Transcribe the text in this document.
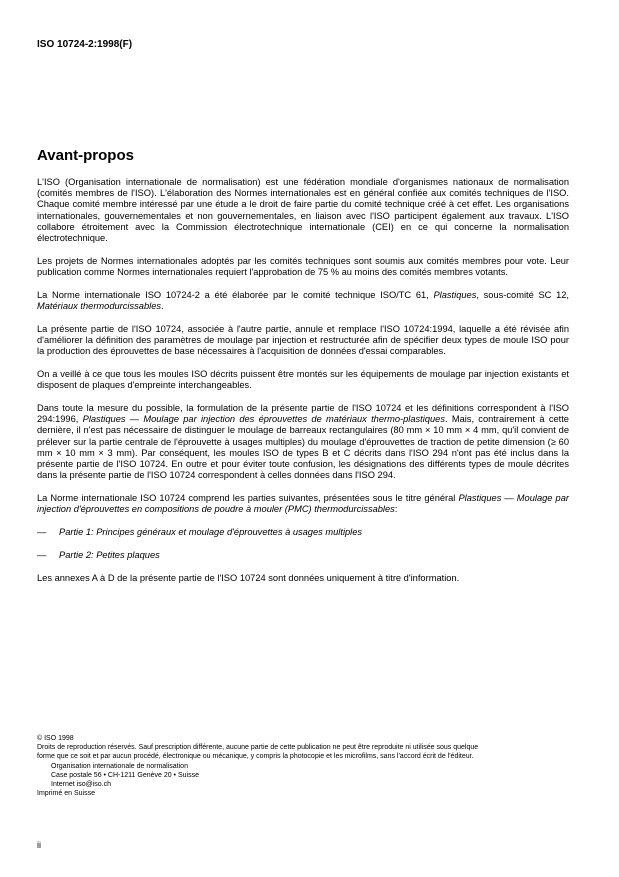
ISO 10724-2:1998(F)
Avant-propos

L'ISO (Organisation internationale de normalisation) est une fédération mondiale d'organismes nationaux de normalisation (comités membres de l'ISO). L'élaboration des Normes internationales est en général confiée aux comités techniques de l'ISO. Chaque comité membre intéressé par une étude a le droit de faire partie du comité technique créé à cet effet. Les organisations internationales, gouvernementales et non gouvernementales, en liaison avec l'ISO participent également aux travaux. L'ISO collabore étroitement avec la Commission électrotechnique internationale (CEI) en ce qui concerne la normalisation électrotechnique.

Les projets de Normes internationales adoptés par les comités techniques sont soumis aux comités membres pour vote. Leur publication comme Normes internationales requiert l'approbation de 75 % au moins des comités membres votants.

La Norme internationale ISO 10724-2 a été élaborée par le comité technique ISO/TC 61, Plastiques, sous-comité SC 12, Matériaux thermodurcissables.

La présente partie de l'ISO 10724, associée à l'autre partie, annule et remplace l'ISO 10724:1994, laquelle a été révisée afin d'améliorer la définition des paramètres de moulage par injection et restructurée afin de spécifier deux types de moule ISO pour la production des éprouvettes de base nécessaires à l'acquisition de données d'essai comparables.

On a veillé à ce que tous les moules ISO décrits puissent être montés sur les équipements de moulage par injection existants et disposent de plaques d'empreinte interchangeables.

Dans toute la mesure du possible, la formulation de la présente partie de l'ISO 10724 et les définitions correspondent à l'ISO 294:1996, Plastiques — Moulage par injection des éprouvettes de matériaux thermo-plastiques. Mais, contrairement à cette dernière, il n'est pas nécessaire de distinguer le moulage de barreaux rectangulaires (80 mm × 10 mm × 4 mm, qu'il convient de prélever sur la partie centrale de l'éprouvette à usages multiples) du moulage d'éprouvettes de traction de petite dimension (≥ 60 mm × 10 mm × 3 mm). Par conséquent, les moules ISO de types B et C décrits dans l'ISO 294 n'ont pas été inclus dans la présente partie de l'ISO 10724. En outre et pour éviter toute confusion, les désignations des différents types de moule décrites dans la présente partie de l'ISO 10724 correspondent à celles données dans l'ISO 294.

La Norme internationale ISO 10724 comprend les parties suivantes, présentées sous le titre général Plastiques — Moulage par injection d'éprouvettes en compositions de poudre à mouler (PMC) thermodurcissables:

— Partie 1: Principes généraux et moulage d'éprouvettes à usages multiples

— Partie 2: Petites plaques

Les annexes A à D de la présente partie de l'ISO 10724 sont données uniquement à titre d'information.

© ISO 1998
Droits de reproduction réservés. Sauf prescription différente, aucune partie de cette publication ne peut être reproduite ni utilisée sous quelque
forme que ce soit et par aucun procédé, électronique ou mécanique, y compris la photocopie et les microfilms, sans l'accord écrit de l'éditeur.
Organisation internationale de normalisation
Case postale 56 • CH-1211 Genève 20 • Suisse
Internet iso@iso.ch
Imprimé en Suisse
ii
